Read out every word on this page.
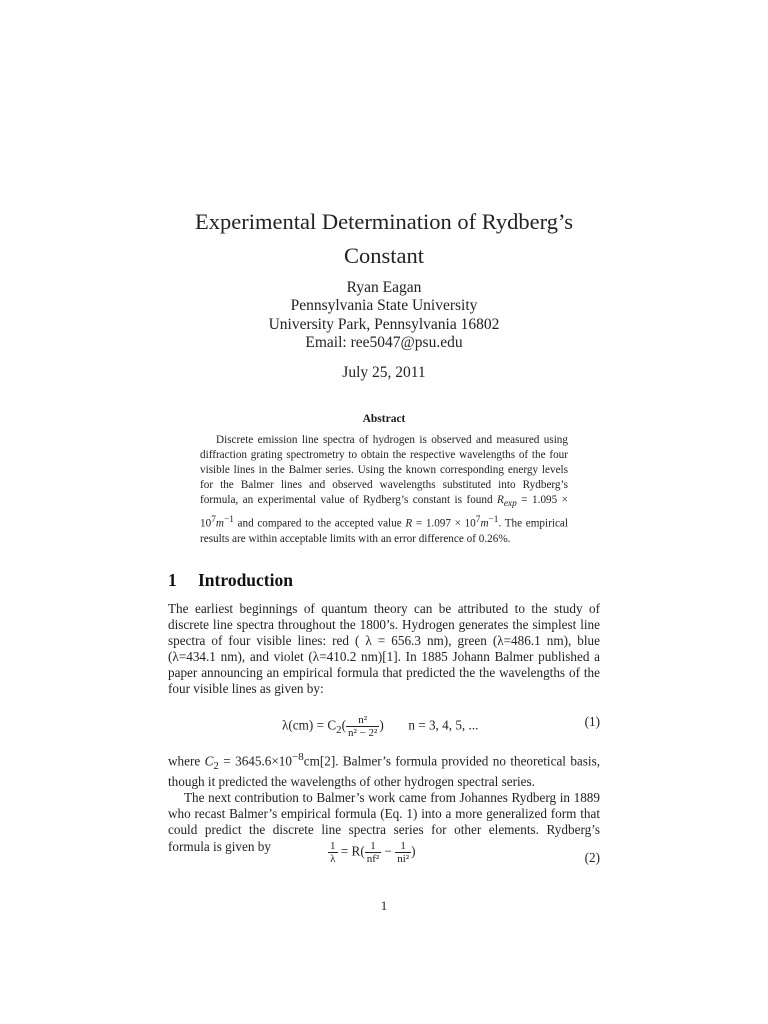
Experimental Determination of Rydberg’s
Constant
Ryan Eagan
Pennsylvania State University
University Park, Pennsylvania 16802
Email: ree5047@psu.edu
July 25, 2011
Abstract

Discrete emission line spectra of hydrogen is observed and measured using diffraction grating spectrometry to obtain the respective wavelengths of the four visible lines in the Balmer series. Using the known corresponding energy levels for the Balmer lines and observed wavelengths substituted into Rydberg’s formula, an experimental value of Rydberg’s constant is found $R_{exp} = 1.095 \times 10^7m^{-1}$ and compared to the accepted value $R = 1.097 \times 10^7m^{-1}$. The empirical results are within acceptable limits with an error difference of 0.26%.

1 Introduction

The earliest beginnings of quantum theory can be attributed to the study of discrete line spectra throughout the 1800’s. Hydrogen generates the simplest line spectra of four visible lines: red ( λ = 656.3 nm), green (λ=486.1 nm), blue (λ=434.1 nm), and violet (λ=410.2 nm)[1]. In 1885 Johann Balmer published a paper announcing an empirical formula that predicted the the wavelengths of the four visible lines as given by:

$\lambda(cm) = C_2( \frac{\text{n²}}{\text{n² − 2²}}$ )  n = 3, 4, 5, ...	(1)

where $C_2 = 3645.6\times 10^{-8}cm[2]$. Balmer’s formula provided no theoretical basis, though it predicted the wavelengths of other hydrogen spectral series.

The next contribution to Balmer’s work came from Johannes Rydberg in 1889 who recast Balmer’s empirical formula (Eq. 1) into a more generalized form that could predict the discrete line spectra series for other elements. Rydberg’s formula is given by	$\frac{1}{\lambda} = R( \frac{1}{\text{nf²}} - \frac{1}{\text{ni²}}$ )	(2)
1
